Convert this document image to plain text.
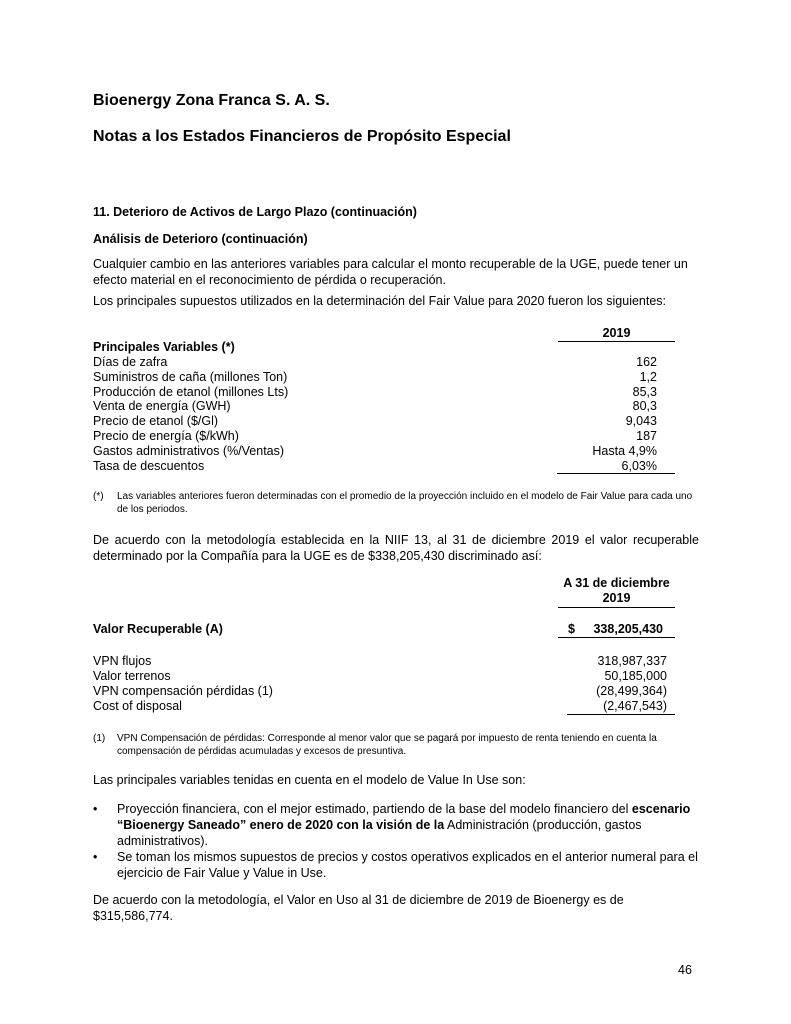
Bioenergy Zona Franca S. A. S.
Notas a los Estados Financieros de Propósito Especial
11. Deterioro de Activos de Largo Plazo (continuación)
Análisis de Deterioro (continuación)
Cualquier cambio en las anteriores variables para calcular el monto recuperable de la UGE, puede tener un efecto material en el reconocimiento de pérdida o recuperación.
Los principales supuestos utilizados en la determinación del Fair Value para 2020 fueron los siguientes:
2019
Principales Variables (*)
Días de zafra	162
Suministros de caña (millones Ton)	1,2
Producción de etanol (millones Lts)	85,3
Venta de energía (GWH)	80,3
Precio de etanol ($/Gl)	9,043
Precio de energía ($/kWh)	187
Gastos administrativos (%/Ventas)	Hasta 4,9%
Tasa de descuentos	6,03%
(*) Las variables anteriores fueron determinadas con el promedio de la proyección incluido en el modelo de Fair Value para cada uno de los periodos.
De acuerdo con la metodología establecida en la NIIF 13, al 31 de diciembre 2019 el valor recuperable determinado por la Compañía para la UGE es de $338,205,430 discriminado así:
A 31 de diciembre
2019
Valor Recuperable (A)	$	338,205,430
VPN flujos	318,987,337
Valor terrenos	50,185,000
VPN compensación pérdidas (1)	(28,499,364)
Cost of disposal	(2,467,543)
(1) VPN Compensación de pérdidas: Corresponde al menor valor que se pagará por impuesto de renta teniendo en cuenta la compensación de pérdidas acumuladas y excesos de presuntiva.
Las principales variables tenidas en cuenta en el modelo de Value In Use son:
• Proyección financiera, con el mejor estimado, partiendo de la base del modelo financiero del escenario “Bioenergy Saneado” enero de 2020 con la visión de la Administración (producción, gastos administrativos).
• Se toman los mismos supuestos de precios y costos operativos explicados en el anterior numeral para el ejercicio de Fair Value y Value in Use.
De acuerdo con la metodología, el Valor en Uso al 31 de diciembre de 2019 de Bioenergy es de $315,586,774.
46
